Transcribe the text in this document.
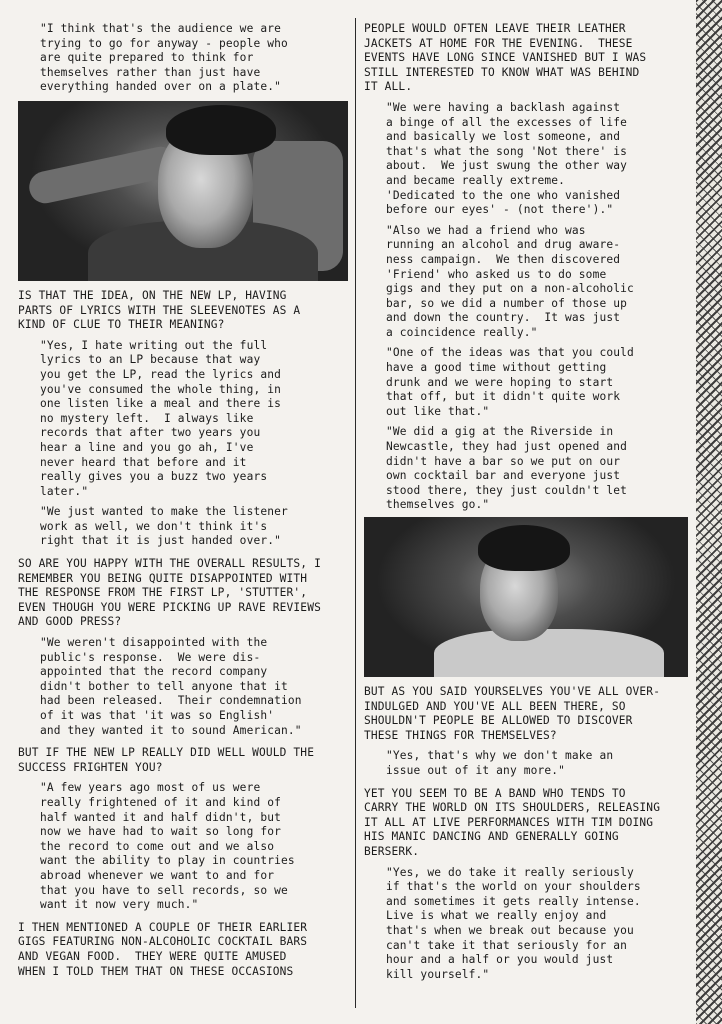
"I think that's the audience we are
trying to go for anyway - people who
are quite prepared to think for
themselves rather than just have
everything handed over on a plate."

IS THAT THE IDEA, ON THE NEW LP, HAVING
PARTS OF LYRICS WITH THE SLEEVENOTES AS A
KIND OF CLUE TO THEIR MEANING?

"Yes, I hate writing out the full
lyrics to an LP because that way
you get the LP, read the lyrics and
you've consumed the whole thing, in
one listen like a meal and there is
no mystery left.  I always like
records that after two years you
hear a line and you go ah, I've
never heard that before and it
really gives you a buzz two years
later."

"We just wanted to make the listener
work as well, we don't think it's
right that it is just handed over."

SO ARE YOU HAPPY WITH THE OVERALL RESULTS, I
REMEMBER YOU BEING QUITE DISAPPOINTED WITH
THE RESPONSE FROM THE FIRST LP, 'STUTTER',
EVEN THOUGH YOU WERE PICKING UP RAVE REVIEWS
AND GOOD PRESS?

"We weren't disappointed with the
public's response.  We were dis-
appointed that the record company
didn't bother to tell anyone that it
had been released.  Their condemnation
of it was that 'it was so English'
and they wanted it to sound American."

BUT IF THE NEW LP REALLY DID WELL WOULD THE
SUCCESS FRIGHTEN YOU?

"A few years ago most of us were
really frightened of it and kind of
half wanted it and half didn't, but
now we have had to wait so long for
the record to come out and we also
want the ability to play in countries
abroad whenever we want to and for
that you have to sell records, so we
want it now very much."

I THEN MENTIONED A COUPLE OF THEIR EARLIER
GIGS FEATURING NON-ALCOHOLIC COCKTAIL BARS
AND VEGAN FOOD.  THEY WERE QUITE AMUSED
WHEN I TOLD THEM THAT ON THESE OCCASIONS

PEOPLE WOULD OFTEN LEAVE THEIR LEATHER
JACKETS AT HOME FOR THE EVENING.  THESE
EVENTS HAVE LONG SINCE VANISHED BUT I WAS
STILL INTERESTED TO KNOW WHAT WAS BEHIND
IT ALL.

"We were having a backlash against
a binge of all the excesses of life
and basically we lost someone, and
that's what the song 'Not there' is
about.  We just swung the other way
and became really extreme.
'Dedicated to the one who vanished
before our eyes' - (not there')."

"Also we had a friend who was
running an alcohol and drug aware-
ness campaign.  We then discovered
'Friend' who asked us to do some
gigs and they put on a non-alcoholic
bar, so we did a number of those up
and down the country.  It was just
a coincidence really."

"One of the ideas was that you could
have a good time without getting
drunk and we were hoping to start
that off, but it didn't quite work
out like that."

"We did a gig at the Riverside in
Newcastle, they had just opened and
didn't have a bar so we put on our
own cocktail bar and everyone just
stood there, they just couldn't let
themselves go."

BUT AS YOU SAID YOURSELVES YOU'VE ALL OVER-
INDULGED AND YOU'VE ALL BEEN THERE, SO
SHOULDN'T PEOPLE BE ALLOWED TO DISCOVER
THESE THINGS FOR THEMSELVES?

"Yes, that's why we don't make an
issue out of it any more."

YET YOU SEEM TO BE A BAND WHO TENDS TO
CARRY THE WORLD ON ITS SHOULDERS, RELEASING
IT ALL AT LIVE PERFORMANCES WITH TIM DOING
HIS MANIC DANCING AND GENERALLY GOING
BERSERK.

"Yes, we do take it really seriously
if that's the world on your shoulders
and sometimes it gets really intense.
Live is what we really enjoy and
that's when we break out because you
can't take it that seriously for an
hour and a half or you would just
kill yourself."
